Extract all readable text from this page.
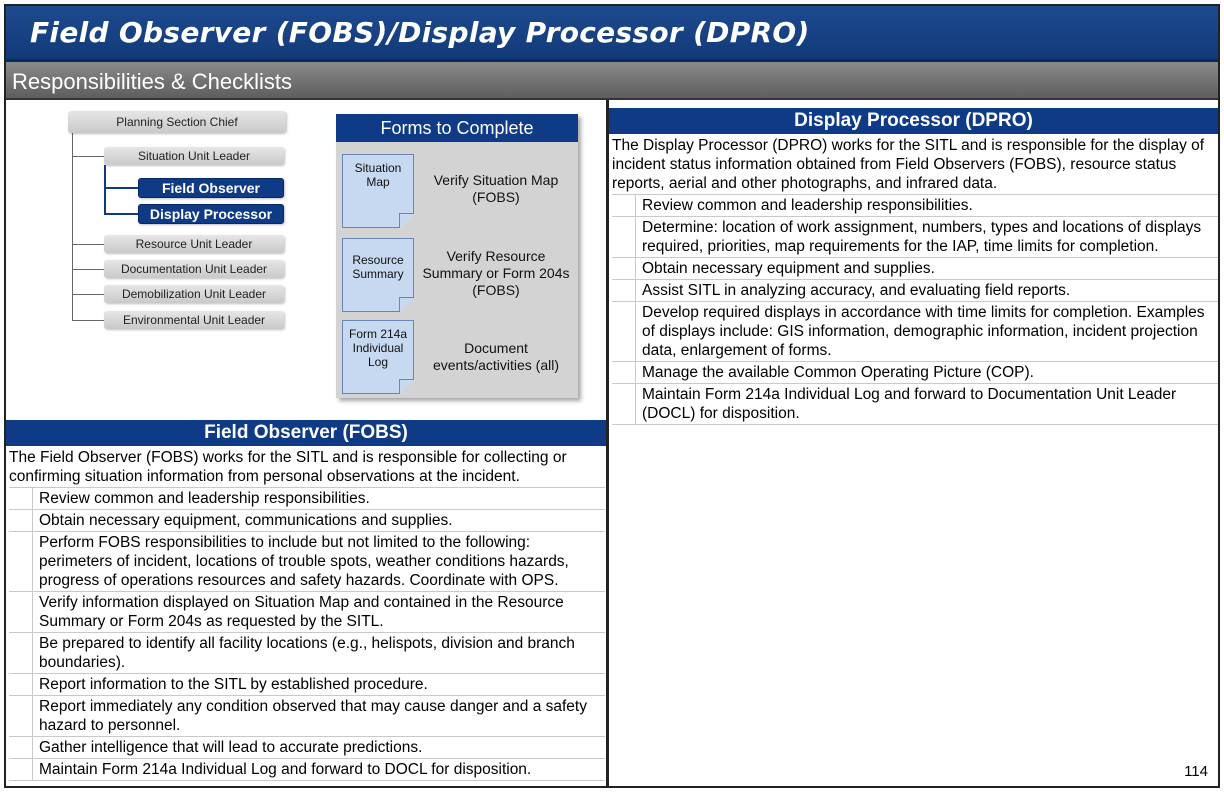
Field Observer (FOBS)/Display Processor (DPRO)
Responsibilities & Checklists
Planning Section Chief
Situation Unit Leader
Field Observer
Display Processor
Resource Unit Leader
Documentation Unit Leader
Demobilization Unit Leader
Environmental Unit Leader
Forms to Complete
Situation
Map	Verify Situation Map (FOBS)
Resource
Summary
Verify Resource Summary or Form 204s (FOBS)
Form 214a
Individual
Log
Document events/activities (all)
Field Observer (FOBS)
The Field Observer (FOBS) works for the SITL and is responsible for collecting or confirming situation information from personal observations at the incident.
Review common and leadership responsibilities.
Obtain necessary equipment, communications and supplies.
Perform FOBS responsibilities to include but not limited to the following: perimeters of incident, locations of trouble spots, weather conditions hazards, progress of operations resources and safety hazards. Coordinate with OPS.
Verify information displayed on Situation Map and contained in the Resource Summary or Form 204s as requested by the SITL.
Be prepared to identify all facility locations (e.g., helispots, division and branch boundaries).
Report information to the SITL by established procedure.
Report immediately any condition observed that may cause danger and a safety hazard to personnel.
Gather intelligence that will lead to accurate predictions.
Maintain Form 214a Individual Log and forward to DOCL for disposition.
Display Processor (DPRO)
The Display Processor (DPRO) works for the SITL and is responsible for the display of incident status information obtained from Field Observers (FOBS), resource status reports, aerial and other photographs, and infrared data.
Review common and leadership responsibilities.
Determine: location of work assignment, numbers, types and locations of displays required, priorities, map requirements for the IAP, time limits for completion.
Obtain necessary equipment and supplies.
Assist SITL in analyzing accuracy, and evaluating field reports.
Develop required displays in accordance with time limits for completion. Examples of displays include: GIS information, demographic information, incident projection data, enlargement of forms.
Manage the available Common Operating Picture (COP).
Maintain Form 214a Individual Log and forward to Documentation Unit Leader (DOCL) for disposition.
114
